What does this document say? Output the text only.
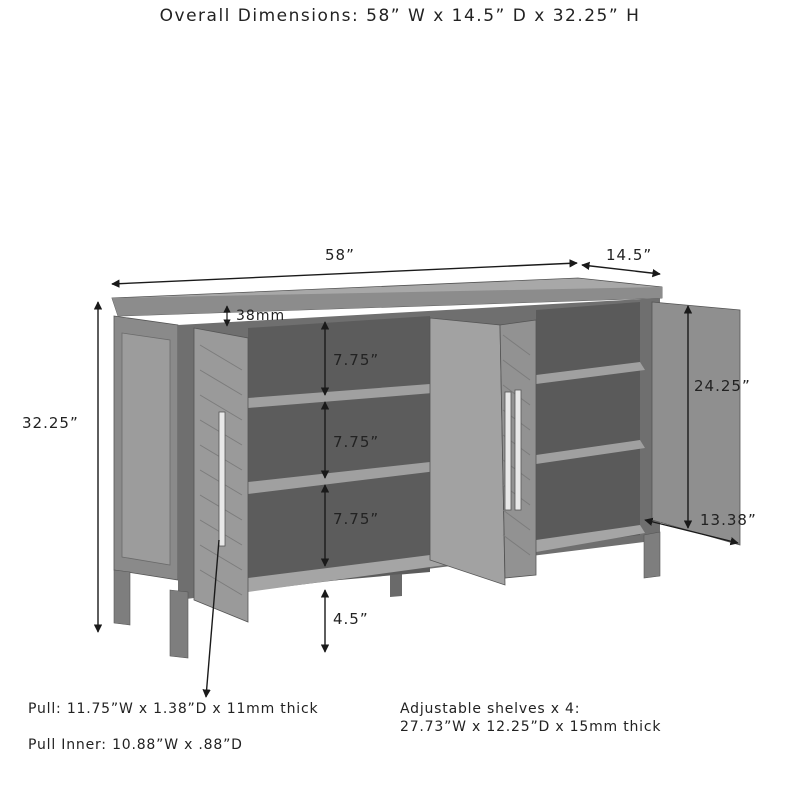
Overall Dimensions: 58” W x 14.5” D x 32.25” H
58”	14.5”
32.25”
38mm
7.75”
7.75”
7.75”
4.5”
24.25”
13.38”
Pull: 11.75”W x 1.38”D x 11mm thick
Pull Inner: 10.88”W x .88”D
Adjustable shelves x 4:
27.73”W x 12.25”D x 15mm thick
